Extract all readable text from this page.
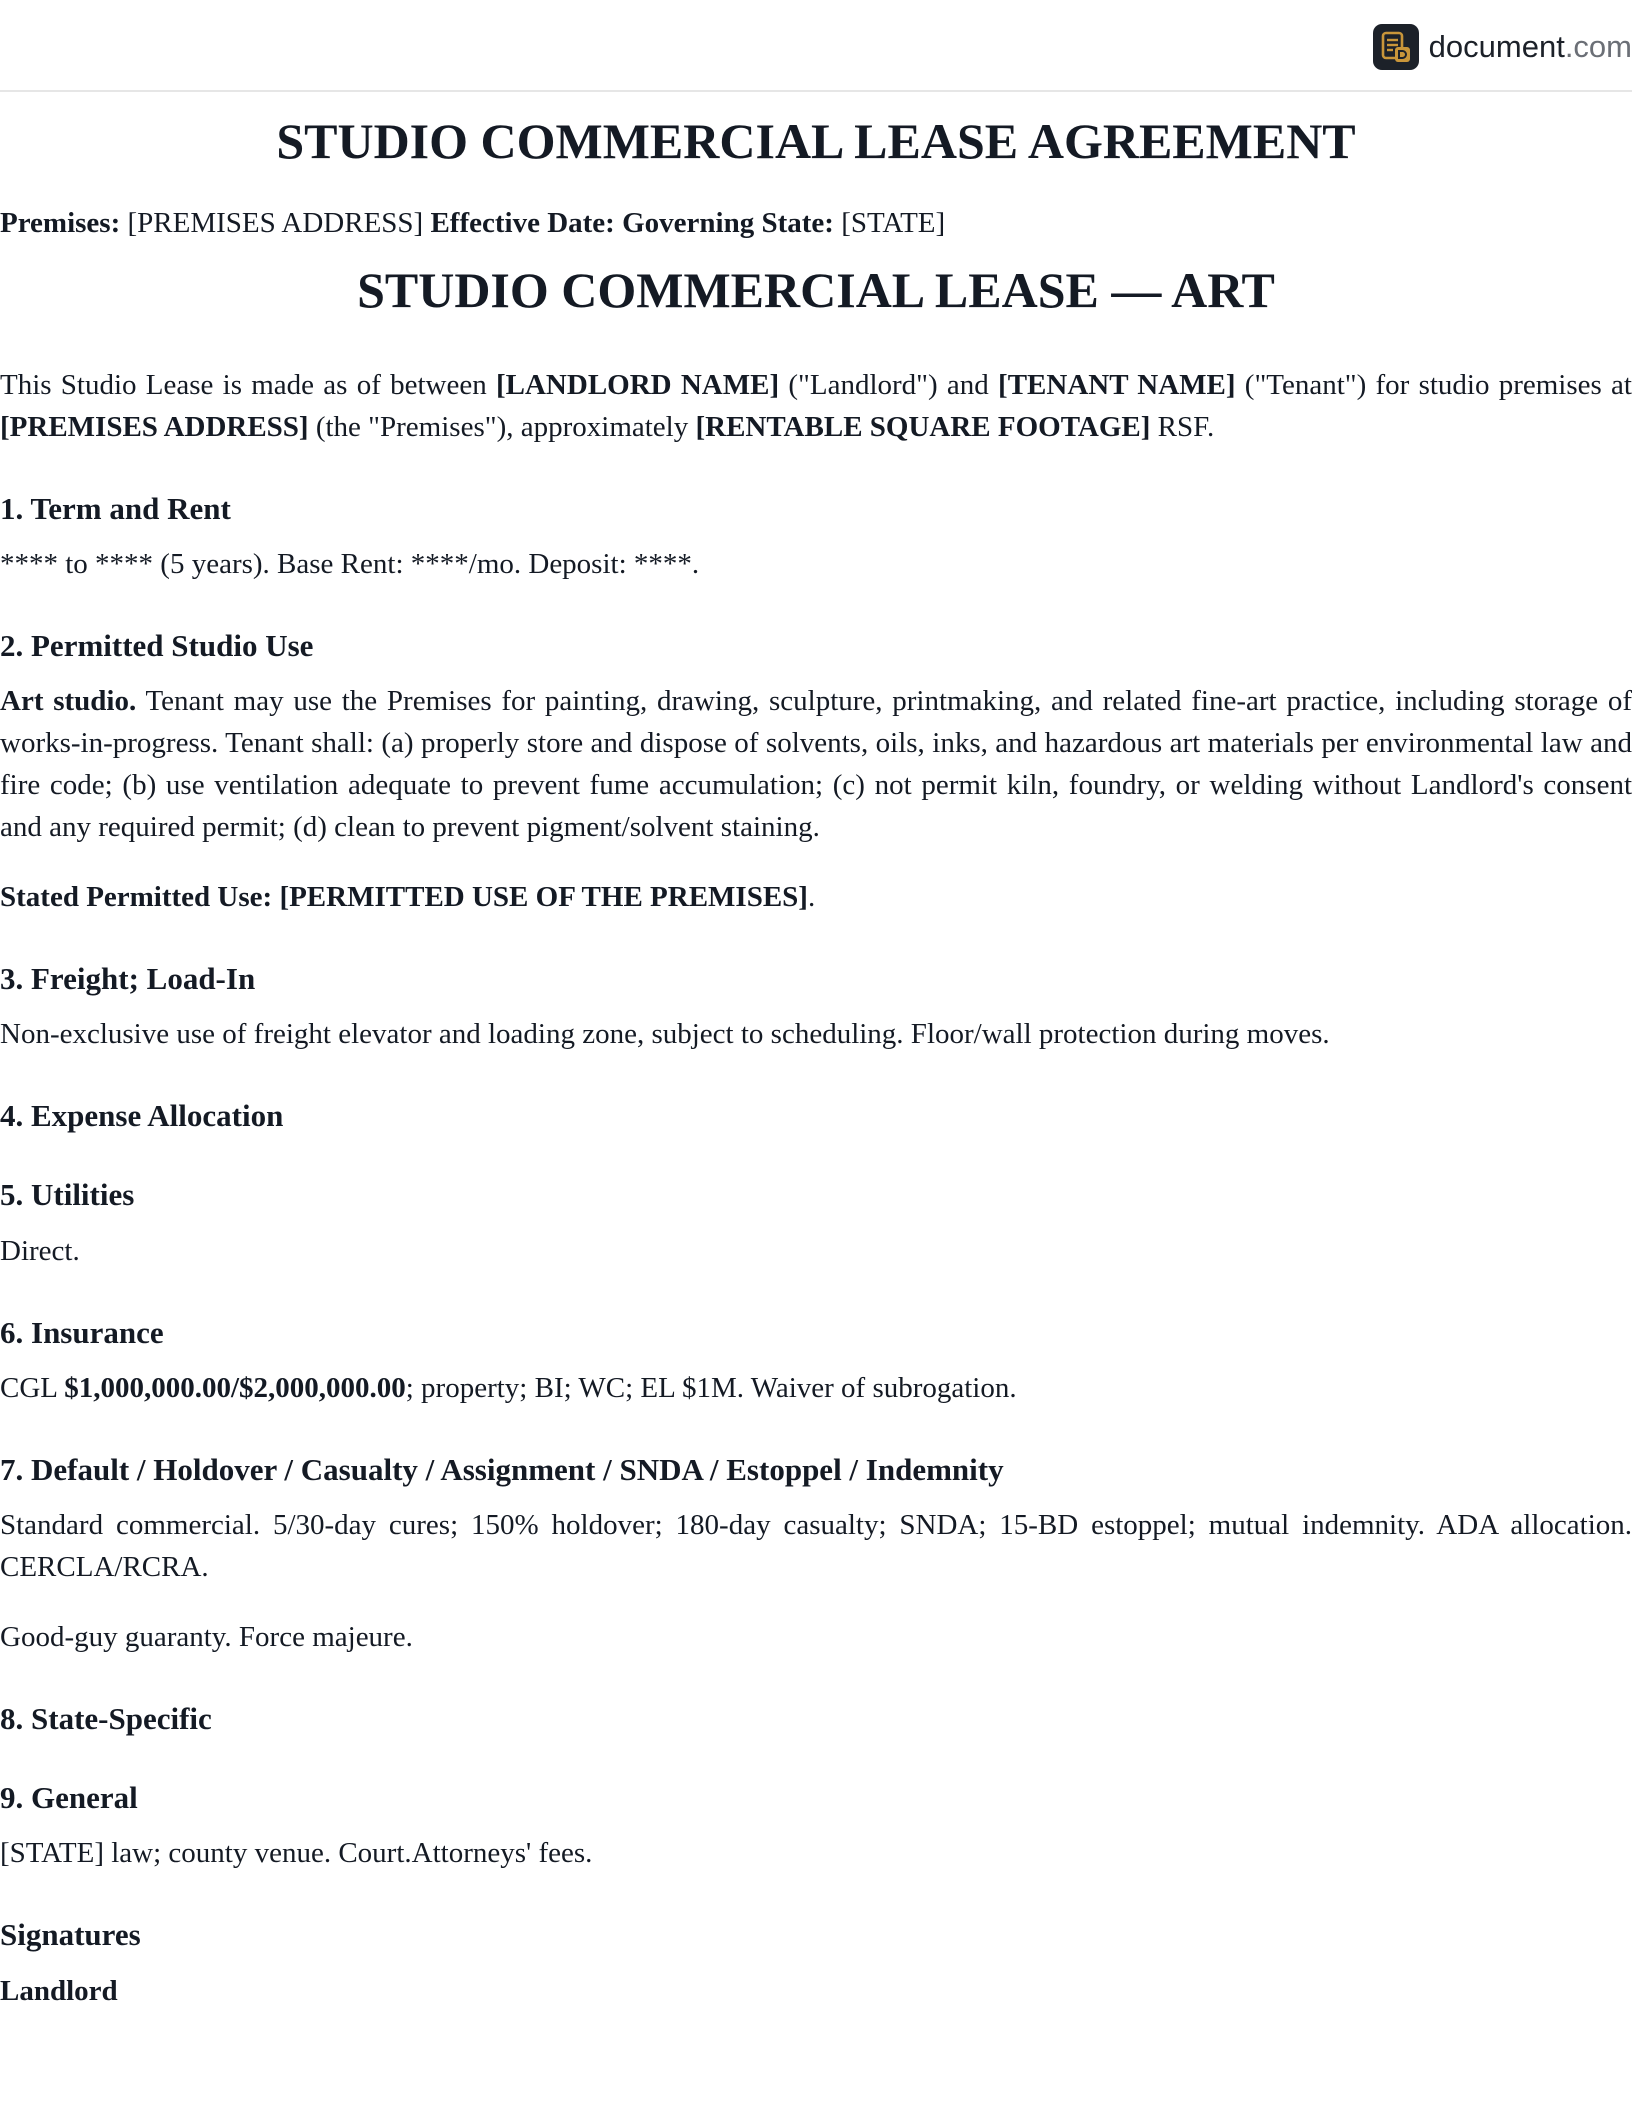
document.com
STUDIO COMMERCIAL LEASE AGREEMENT
Premises: [PREMISES ADDRESS] Effective Date: Governing State: [STATE]
STUDIO COMMERCIAL LEASE — ART

This Studio Lease is made as of between [LANDLORD NAME] ("Landlord") and [TENANT NAME] ("Tenant") for studio premises at [PREMISES ADDRESS] (the "Premises"), approximately [RENTABLE SQUARE FOOTAGE] RSF.

1. Term and Rent

**** to **** (5 years). Base Rent: ****/mo. Deposit: ****.

2. Permitted Studio Use

Art studio. Tenant may use the Premises for painting, drawing, sculpture, printmaking, and related fine-art practice, including storage of works-in-progress. Tenant shall: (a) properly store and dispose of solvents, oils, inks, and hazardous art materials per environmental law and fire code; (b) use ventilation adequate to prevent fume accumulation; (c) not permit kiln, foundry, or welding without Landlord's consent and any required permit; (d) clean to prevent pigment/solvent staining.

Stated Permitted Use: [PERMITTED USE OF THE PREMISES].

3. Freight; Load-In

Non-exclusive use of freight elevator and loading zone, subject to scheduling. Floor/wall protection during moves.

4. Expense Allocation
5. Utilities

Direct.

6. Insurance

CGL $1,000,000.00/$2,000,000.00; property; BI; WC; EL $1M. Waiver of subrogation.

7. Default / Holdover / Casualty / Assignment / SNDA / Estoppel / Indemnity

Standard commercial. 5/30-day cures; 150% holdover; 180-day casualty; SNDA; 15-BD estoppel; mutual indemnity. ADA allocation. CERCLA/RCRA.

Good-guy guaranty. Force majeure.

8. State-Specific
9. General

[STATE] law; county venue. Court.Attorneys' fees.

Signatures
Landlord
